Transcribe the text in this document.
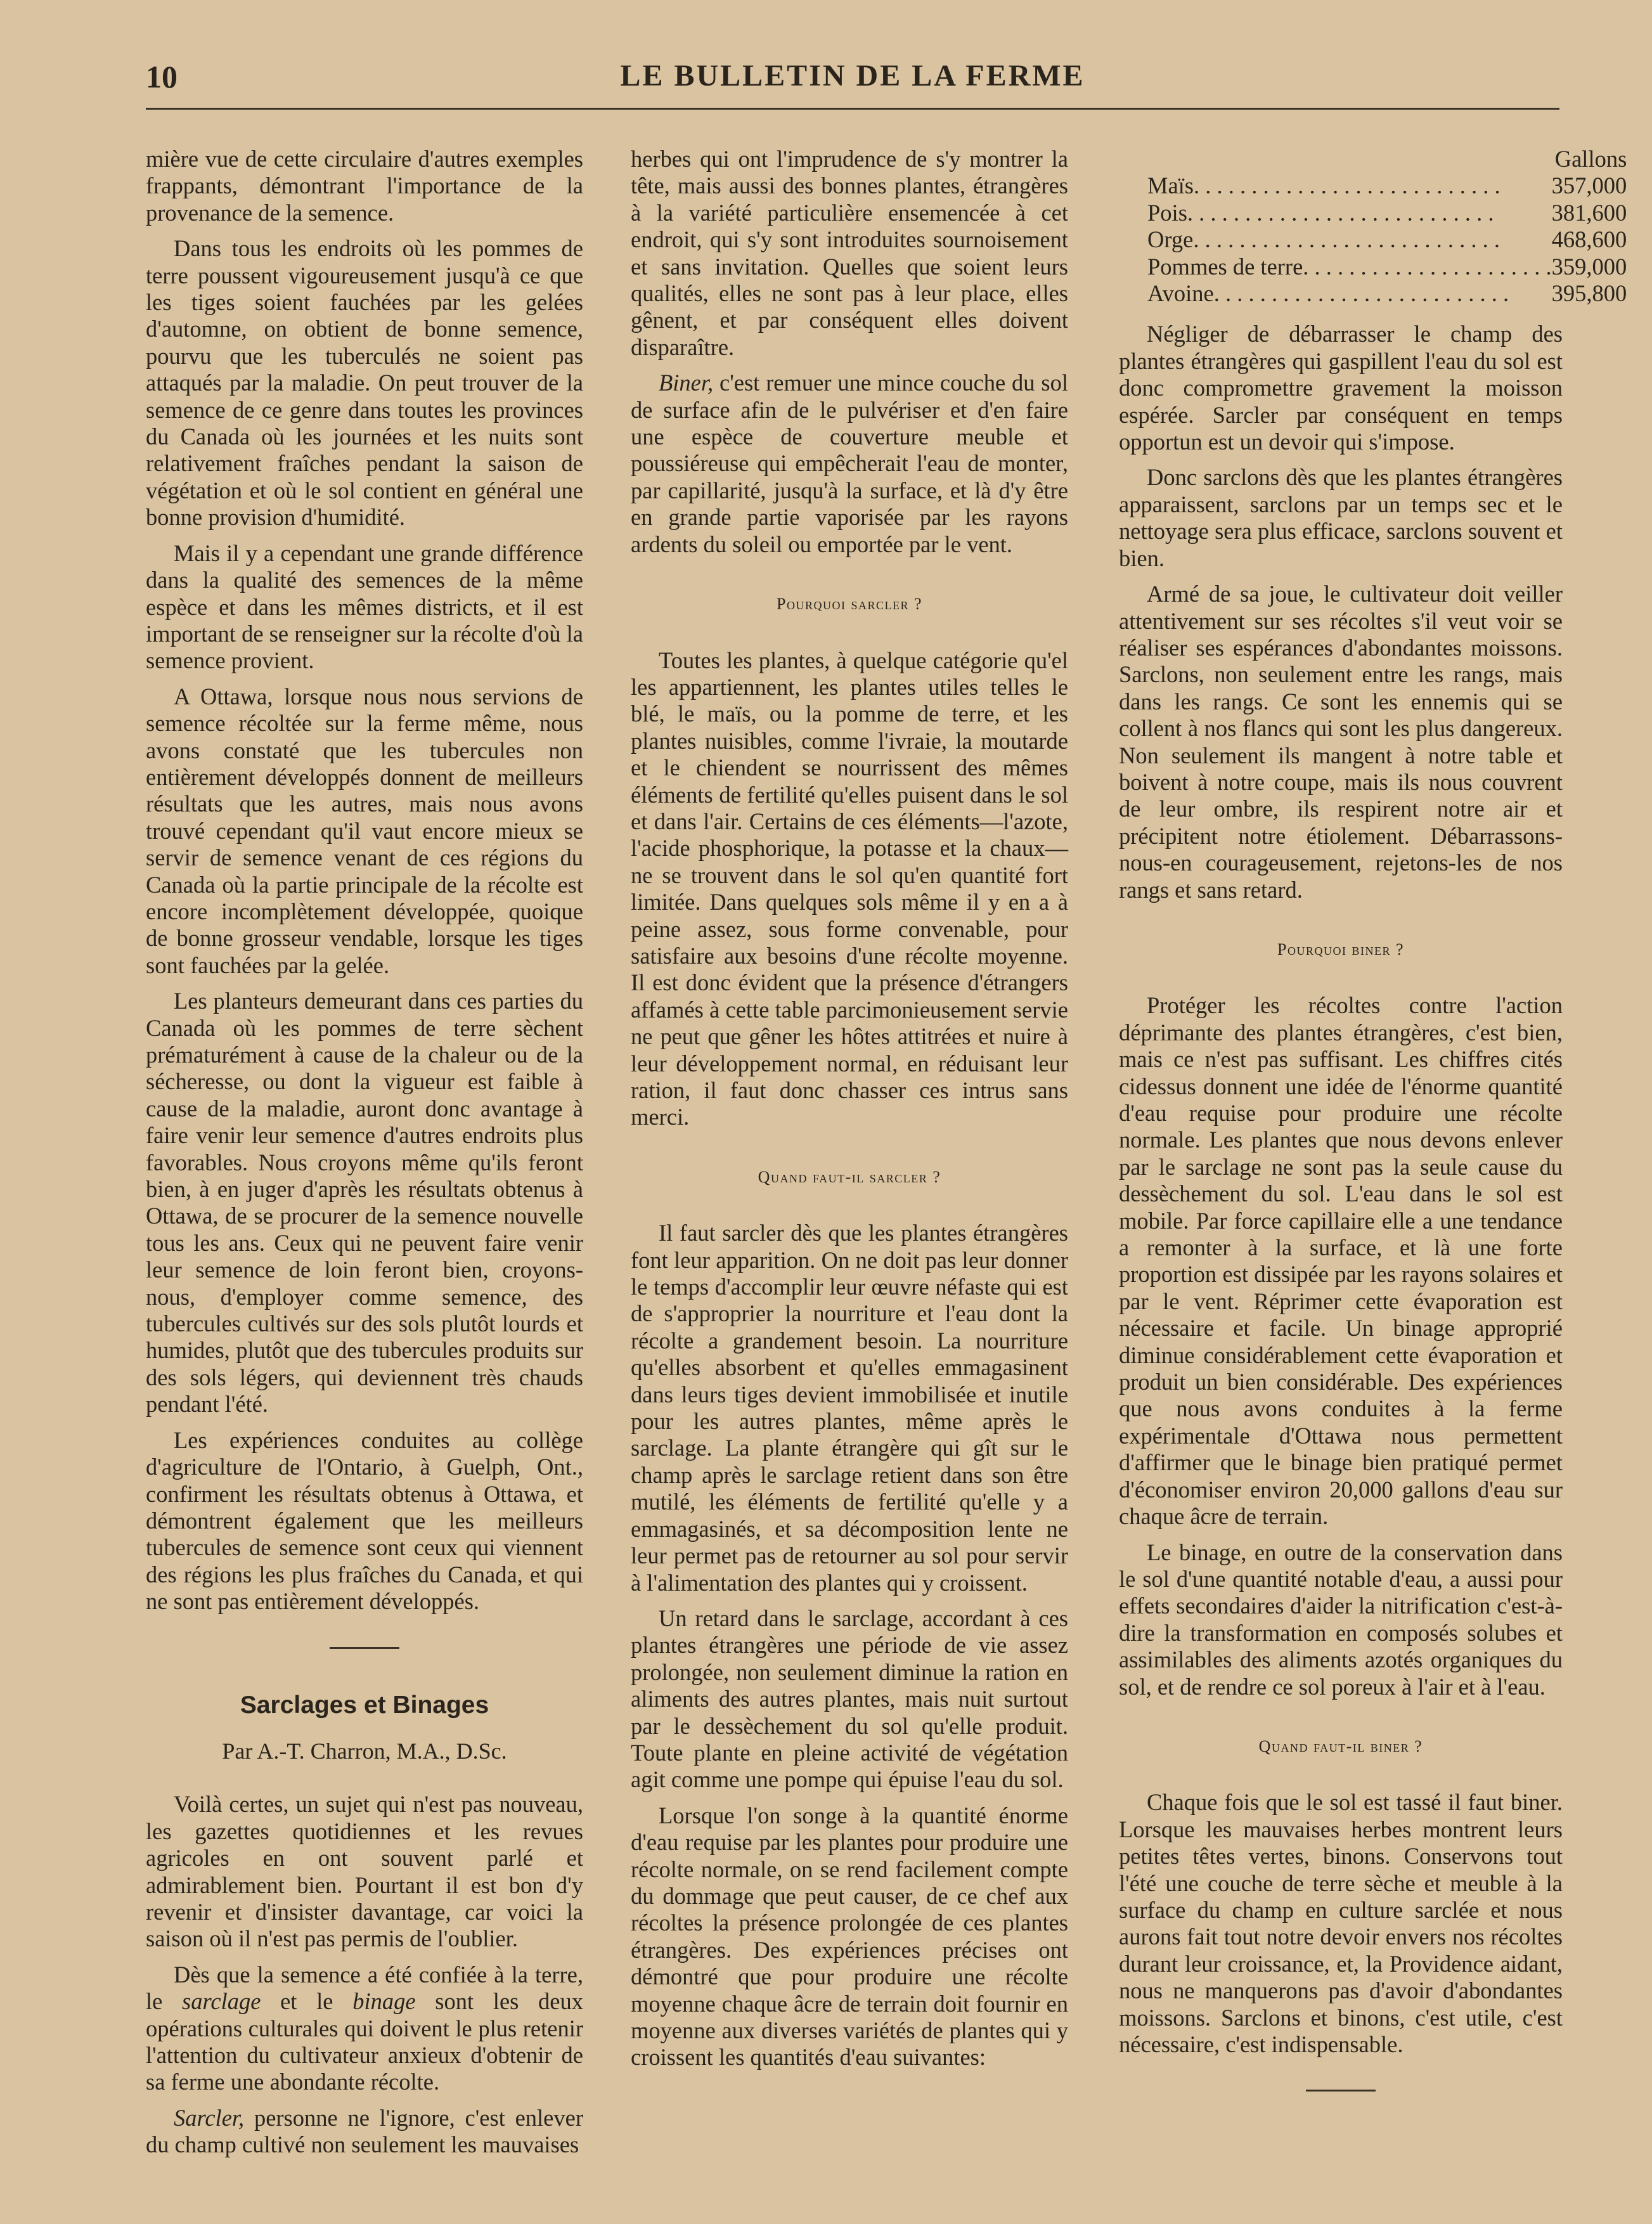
10	LE BULLETIN DE LA FERME

mière vue de cette circulaire d'autres exemples frappants, démontrant l'importance de la provenance de la semence.

Dans tous les endroits où les pommes de terre poussent vigoureusement jusqu'à ce que les tiges soient fauchées par les gelées d'automne, on obtient de bonne semence, pourvu que les tuberculés ne soient pas attaqués par la maladie. On peut trouver de la semence de ce genre dans toutes les provinces du Canada où les journées et les nuits sont relativement fraîches pendant la saison de végétation et où le sol contient en général une bonne provision d'humidité.

Mais il y a cependant une grande différence dans la qualité des semences de la même espèce et dans les mêmes districts, et il est important de se renseigner sur la récolte d'où la semence provient.

A Ottawa, lorsque nous nous servions de semence récoltée sur la ferme même, nous avons constaté que les tubercules non entièrement développés donnent de meilleurs résultats que les autres, mais nous avons trouvé cependant qu'il vaut encore mieux se servir de semence venant de ces régions du Canada où la partie principale de la récolte est encore incomplètement développée, quoique de bonne grosseur vendable, lorsque les tiges sont fauchées par la gelée.

Les planteurs demeurant dans ces parties du Canada où les pommes de terre sèchent prématurément à cause de la chaleur ou de la sécheresse, ou dont la vigueur est faible à cause de la maladie, auront donc avantage à faire venir leur semence d'autres endroits plus favorables. Nous croyons même qu'ils feront bien, à en juger d'après les résultats obtenus à Ottawa, de se procurer de la semence nouvelle tous les ans. Ceux qui ne peuvent faire venir leur semence de loin feront bien, croyons-nous, d'employer comme semence, des tubercules cultivés sur des sols plutôt lourds et humides, plutôt que des tubercules produits sur des sols légers, qui deviennent très chauds pendant l'été.

Les expériences conduites au collège d'agriculture de l'Ontario, à Guelph, Ont., confirment les résultats obtenus à Ottawa, et démontrent également que les meilleurs tubercules de semence sont ceux qui viennent des régions les plus fraîches du Canada, et qui ne sont pas entièrement développés.

Sarclages et Binages
Par A.-T. Charron, M.A., D.Sc.

Voilà certes, un sujet qui n'est pas nouveau, les gazettes quotidiennes et les revues agricoles en ont souvent parlé et admirablement bien. Pourtant il est bon d'y revenir et d'insister davantage, car voici la saison où il n'est pas permis de l'oublier.

Dès que la semence a été confiée à la terre, le sarclage et le binage sont les deux opérations culturales qui doivent le plus retenir l'attention du cultivateur anxieux d'obtenir de sa ferme une abondante récolte.

Sarcler, personne ne l'ignore, c'est enlever du champ cultivé non seulement les mauvaises

herbes qui ont l'imprudence de s'y montrer la tête, mais aussi des bonnes plantes, étrangères à la variété particulière ensemencée à cet endroit, qui s'y sont introduites sournoisement et sans invitation. Quelles que soient leurs qualités, elles ne sont pas à leur place, elles gênent, et par conséquent elles doivent disparaître.

Biner, c'est remuer une mince couche du sol de surface afin de le pulvériser et d'en faire une espèce de couverture meuble et poussiéreuse qui empêcherait l'eau de monter, par capillarité, jusqu'à la surface, et là d'y être en grande partie vaporisée par les rayons ardents du soleil ou emportée par le vent.

Pourquoi sarcler ?

Toutes les plantes, à quelque catégorie qu'el les appartiennent, les plantes utiles telles le blé, le maïs, ou la pomme de terre, et les plantes nuisibles, comme l'ivraie, la moutarde et le chiendent se nourrissent des mêmes éléments de fertilité qu'elles puisent dans le sol et dans l'air. Certains de ces éléments—l'azote, l'acide phosphorique, la potasse et la chaux—ne se trouvent dans le sol qu'en quantité fort limitée. Dans quelques sols même il y en a à peine assez, sous forme convenable, pour satisfaire aux besoins d'une récolte moyenne. Il est donc évident que la présence d'étrangers affamés à cette table parcimonieusement servie ne peut que gêner les hôtes attitrées et nuire à leur développement normal, en réduisant leur ration, il faut donc chasser ces intrus sans merci.

Quand faut-il sarcler ?

Il faut sarcler dès que les plantes étrangères font leur apparition. On ne doit pas leur donner le temps d'accomplir leur œuvre néfaste qui est de s'approprier la nourriture et l'eau dont la récolte a grandement besoin. La nourriture qu'elles absorbent et qu'elles emmagasinent dans leurs tiges devient immobilisée et inutile pour les autres plantes, même après le sarclage. La plante étrangère qui gît sur le champ après le sarclage retient dans son être mutilé, les éléments de fertilité qu'elle y a emmagasinés, et sa décomposition lente ne leur permet pas de retourner au sol pour servir à l'alimentation des plantes qui y croissent.

Un retard dans le sarclage, accordant à ces plantes étrangères une période de vie assez prolongée, non seulement diminue la ration en aliments des autres plantes, mais nuit surtout par le dessèchement du sol qu'elle produit. Toute plante en pleine activité de végétation agit comme une pompe qui épuise l'eau du sol.

Lorsque l'on songe à la quantité énorme d'eau requise par les plantes pour produire une récolte normale, on se rend facilement compte du dommage que peut causer, de ce chef aux récoltes la présence prolongée de ces plantes étrangères. Des expériences précises ont démontré que pour produire une récolte moyenne chaque âcre de terrain doit fournir en moyenne aux diverses variétés de plantes qui y croissent les quantités d'eau suivantes:

Gallons	
Maïs. . . . . . . . . . . . . . . . . . . . . . . . . . .	357,000
Pois. . . . . . . . . . . . . . . . . . . . . . . . . . .	381,600
Orge. . . . . . . . . . . . . . . . . . . . . . . . . . .	468,600
Pommes de terre. . . . . . . . . . . . . . . . . . . . . .	359,000
Avoine. . . . . . . . . . . . . . . . . . . . . . . . . .	395,800

Négliger de débarrasser le champ des plantes étrangères qui gaspillent l'eau du sol est donc compromettre gravement la moisson espérée. Sarcler par conséquent en temps opportun est un devoir qui s'impose.

Donc sarclons dès que les plantes étrangères apparaissent, sarclons par un temps sec et le nettoyage sera plus efficace, sarclons souvent et bien.

Armé de sa joue, le cultivateur doit veiller attentivement sur ses récoltes s'il veut voir se réaliser ses espérances d'abondantes moissons. Sarclons, non seulement entre les rangs, mais dans les rangs. Ce sont les ennemis qui se collent à nos flancs qui sont les plus dangereux. Non seulement ils mangent à notre table et boivent à notre coupe, mais ils nous couvrent de leur ombre, ils respirent notre air et précipitent notre étiolement. Débarrassons-nous-en courageusement, rejetons-les de nos rangs et sans retard.

Pourquoi biner ?

Protéger les récoltes contre l'action déprimante des plantes étrangères, c'est bien, mais ce n'est pas suffisant. Les chiffres cités cidessus donnent une idée de l'énorme quantité d'eau requise pour produire une récolte normale. Les plantes que nous devons enlever par le sarclage ne sont pas la seule cause du dessèchement du sol. L'eau dans le sol est mobile. Par force capillaire elle a une tendance a remonter à la surface, et là une forte proportion est dissipée par les rayons solaires et par le vent. Réprimer cette évaporation est nécessaire et facile. Un binage approprié diminue considérablement cette évaporation et produit un bien considérable. Des expériences que nous avons conduites à la ferme expérimentale d'Ottawa nous permettent d'affirmer que le binage bien pratiqué permet d'économiser environ 20,000 gallons d'eau sur chaque âcre de terrain.

Le binage, en outre de la conservation dans le sol d'une quantité notable d'eau, a aussi pour effets secondaires d'aider la nitrification c'est-à-dire la transformation en composés solubes et assimilables des aliments azotés organiques du sol, et de rendre ce sol poreux à l'air et à l'eau.

Quand faut-il biner ?

Chaque fois que le sol est tassé il faut biner. Lorsque les mauvaises herbes montrent leurs petites têtes vertes, binons. Conservons tout l'été une couche de terre sèche et meuble à la surface du champ en culture sarclée et nous aurons fait tout notre devoir envers nos récoltes durant leur croissance, et, la Providence aidant, nous ne manquerons pas d'avoir d'abondantes moissons. Sarclons et binons, c'est utile, c'est nécessaire, c'est indispensable.
